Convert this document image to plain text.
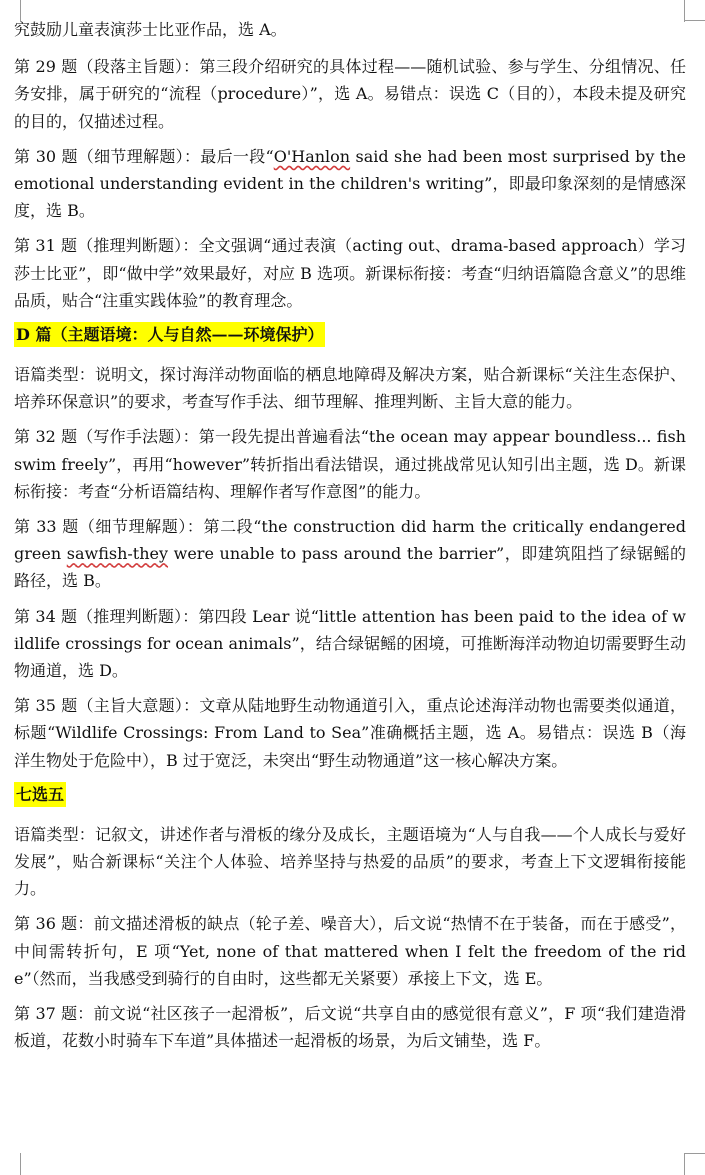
究鼓励儿童表演莎士比亚作品，选 A。

第 29 题（段落主旨题）：第三段介绍研究的具体过程——随机试验、参与学生、分组情况、任务安排，属于研究的“流程（procedure）”，选 A。易错点：误选 C（目的），本段未提及研究的目的，仅描述过程。

第 30 题（细节理解题）：最后一段“O'Hanlon said she had been most surprised by the emotional understanding evident in the children's writing”，即最印象深刻的是情感深度，选 B。

第 31 题（推理判断题）：全文强调“通过表演（acting out、drama-based approach）学习莎士比亚”，即“做中学”效果最好，对应 B 选项。新课标衔接：考查“归纳语篇隐含意义”的思维品质，贴合“注重实践体验”的教育理念。

D 篇（主题语境：人与自然——环境保护）

语篇类型：说明文，探讨海洋动物面临的栖息地障碍及解决方案，贴合新课标“关注生态保护、培养环保意识”的要求，考查写作手法、细节理解、推理判断、主旨大意的能力。

第 32 题（写作手法题）：第一段先提出普遍看法“the ocean may appear boundless... fish swim freely”，再用“however”转折指出看法错误，通过挑战常见认知引出主题，选 D。新课标衔接：考查“分析语篇结构、理解作者写作意图”的能力。

第 33 题（细节理解题）：第二段“the construction did harm the critically endangered green sawfish-they were unable to pass around the barrier”，即建筑阻挡了绿锯鳐的路径，选 B。

第 34 题（推理判断题）：第四段 Lear 说“little attention has been paid to the idea of wildlife crossings for ocean animals”，结合绿锯鳐的困境，可推断海洋动物迫切需要野生动物通道，选 D。

第 35 题（主旨大意题）：文章从陆地野生动物通道引入，重点论述海洋动物也需要类似通道，标题“Wildlife Crossings: From Land to Sea”准确概括主题，选 A。易错点：误选 B（海洋生物处于危险中），B 过于宽泛，未突出“野生动物通道”这一核心解决方案。

七选五

语篇类型：记叙文，讲述作者与滑板的缘分及成长，主题语境为“人与自我——个人成长与爱好发展”，贴合新课标“关注个人体验、培养坚持与热爱的品质”的要求，考查上下文逻辑衔接能力。

第 36 题：前文描述滑板的缺点（轮子差、噪音大），后文说“热情不在于装备，而在于感受”，中间需转折句，E 项“Yet, none of that mattered when I felt the freedom of the ride”（然而，当我感受到骑行的自由时，这些都无关紧要）承接上下文，选 E。

第 37 题：前文说“社区孩子一起滑板”，后文说“共享自由的感觉很有意义”，F 项“我们建造滑板道，花数小时骑车下车道”具体描述一起滑板的场景，为后文铺垫，选 F。
